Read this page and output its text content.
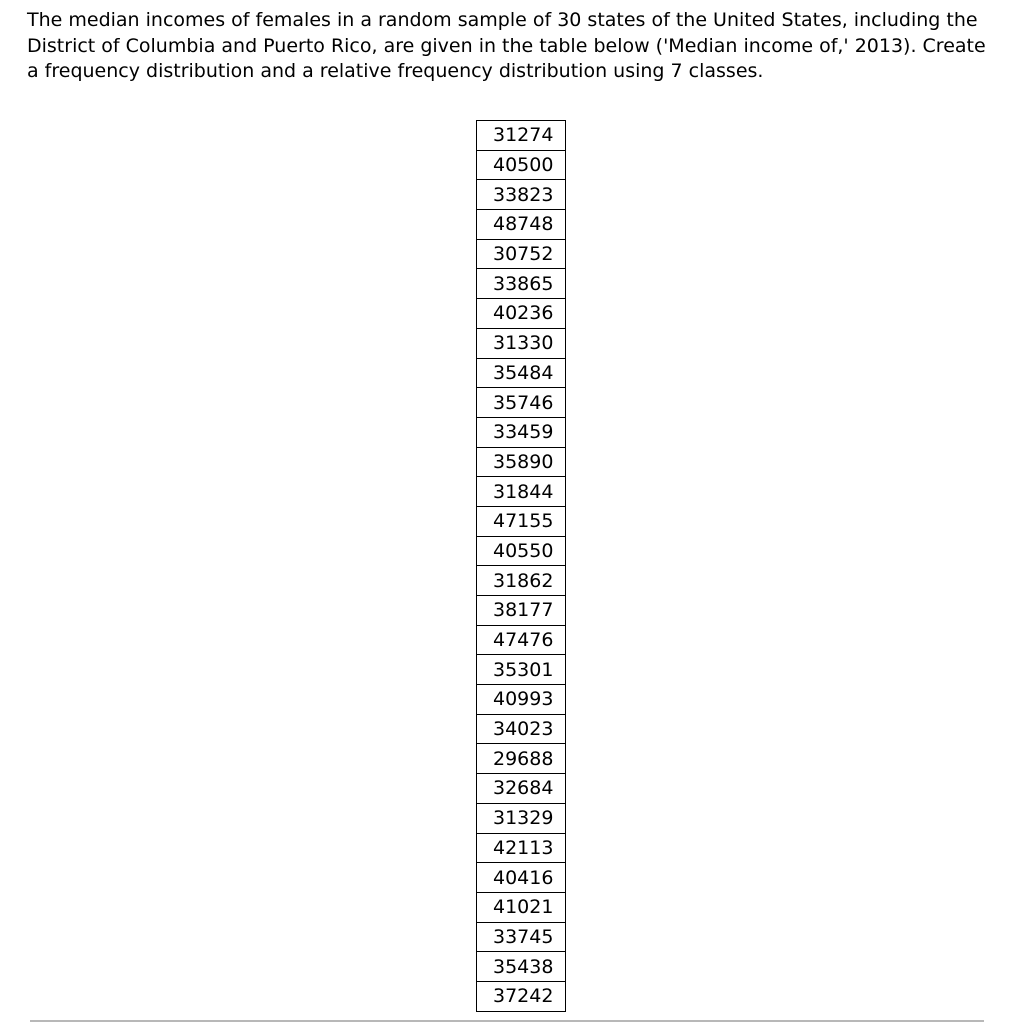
The median incomes of females in a random sample of 30 states of the United States, including the District of Columbia and Puerto Rico, are given in the table below ('Median income of,' 2013). Create a frequency distribution and a relative frequency distribution using 7 classes.

31274
40500
33823
48748
30752
33865
40236
31330
35484
35746
33459
35890
31844
47155
40550
31862
38177
47476
35301
40993
34023
29688
32684
31329
42113
40416
41021
33745
35438
37242
